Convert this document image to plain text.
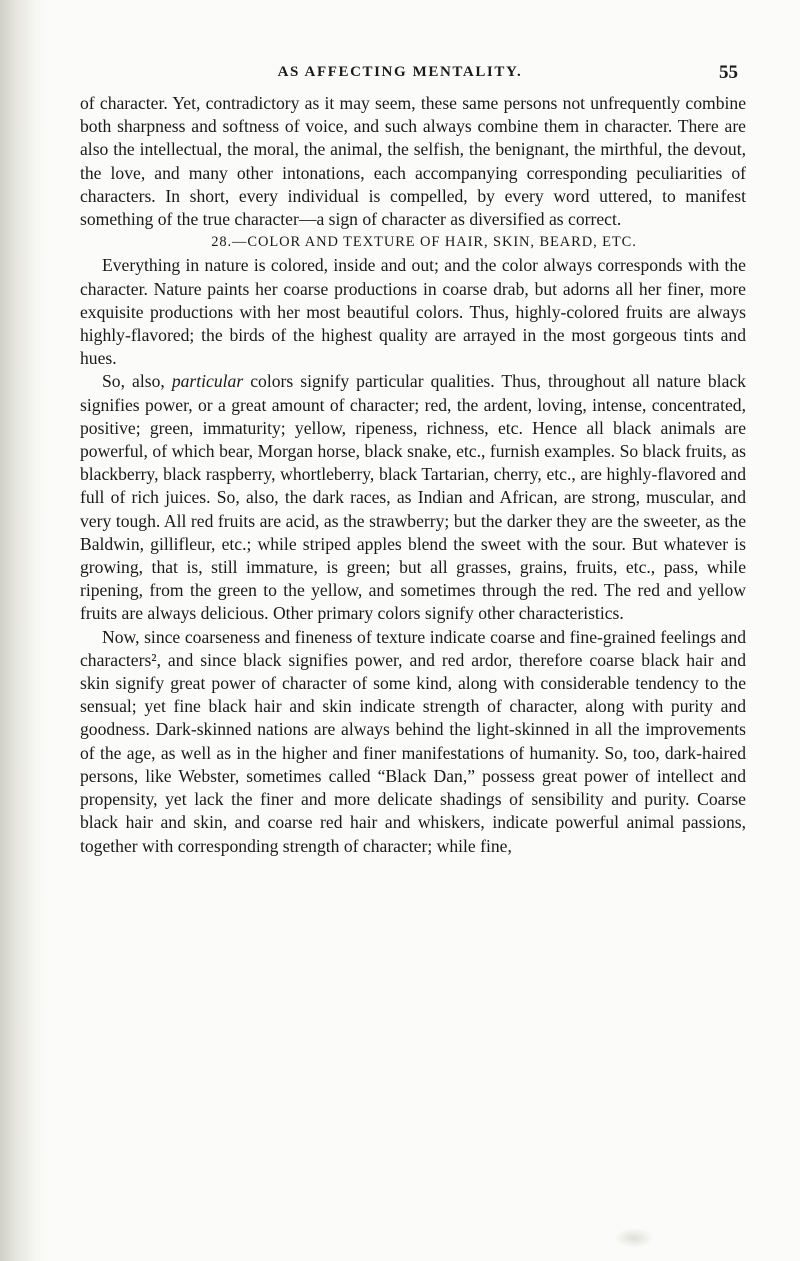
AS AFFECTING MENTALITY.	55

of character. Yet, contradictory as it may seem, these same persons not unfrequently combine both sharpness and softness of voice, and such always combine them in character. There are also the intellectual, the moral, the animal, the selfish, the benignant, the mirthful, the devout, the love, and many other intonations, each accompanying corresponding peculiarities of characters. In short, every individual is compelled, by every word uttered, to manifest something of the true character—a sign of character as diversified as correct.

28.—COLOR AND TEXTURE OF HAIR, SKIN, BEARD, ETC.

Everything in nature is colored, inside and out; and the color always corresponds with the character. Nature paints her coarse productions in coarse drab, but adorns all her finer, more exquisite productions with her most beautiful colors. Thus, highly-colored fruits are always highly-flavored; the birds of the highest quality are arrayed in the most gorgeous tints and hues.

So, also, particular colors signify particular qualities. Thus, throughout all nature black signifies power, or a great amount of character; red, the ardent, loving, intense, concentrated, positive; green, immaturity; yellow, ripeness, richness, etc. Hence all black animals are powerful, of which bear, Morgan horse, black snake, etc., furnish examples. So black fruits, as blackberry, black raspberry, whortleberry, black Tartarian, cherry, etc., are highly-flavored and full of rich juices. So, also, the dark races, as Indian and African, are strong, muscular, and very tough. All red fruits are acid, as the strawberry; but the darker they are the sweeter, as the Baldwin, gillifleur, etc.; while striped apples blend the sweet with the sour. But whatever is growing, that is, still immature, is green; but all grasses, grains, fruits, etc., pass, while ripening, from the green to the yellow, and sometimes through the red. The red and yellow fruits are always delicious. Other primary colors signify other characteristics.

Now, since coarseness and fineness of texture indicate coarse and fine-grained feelings and characters², and since black signifies power, and red ardor, therefore coarse black hair and skin signify great power of character of some kind, along with considerable tendency to the sensual; yet fine black hair and skin indicate strength of character, along with purity and goodness. Dark-skinned nations are always behind the light-skinned in all the improvements of the age, as well as in the higher and finer manifestations of humanity. So, too, dark-haired persons, like Webster, sometimes called “Black Dan,” possess great power of intellect and propensity, yet lack the finer and more delicate shadings of sensibility and purity. Coarse black hair and skin, and coarse red hair and whiskers, indicate powerful animal passions, together with corresponding strength of character; while fine,
